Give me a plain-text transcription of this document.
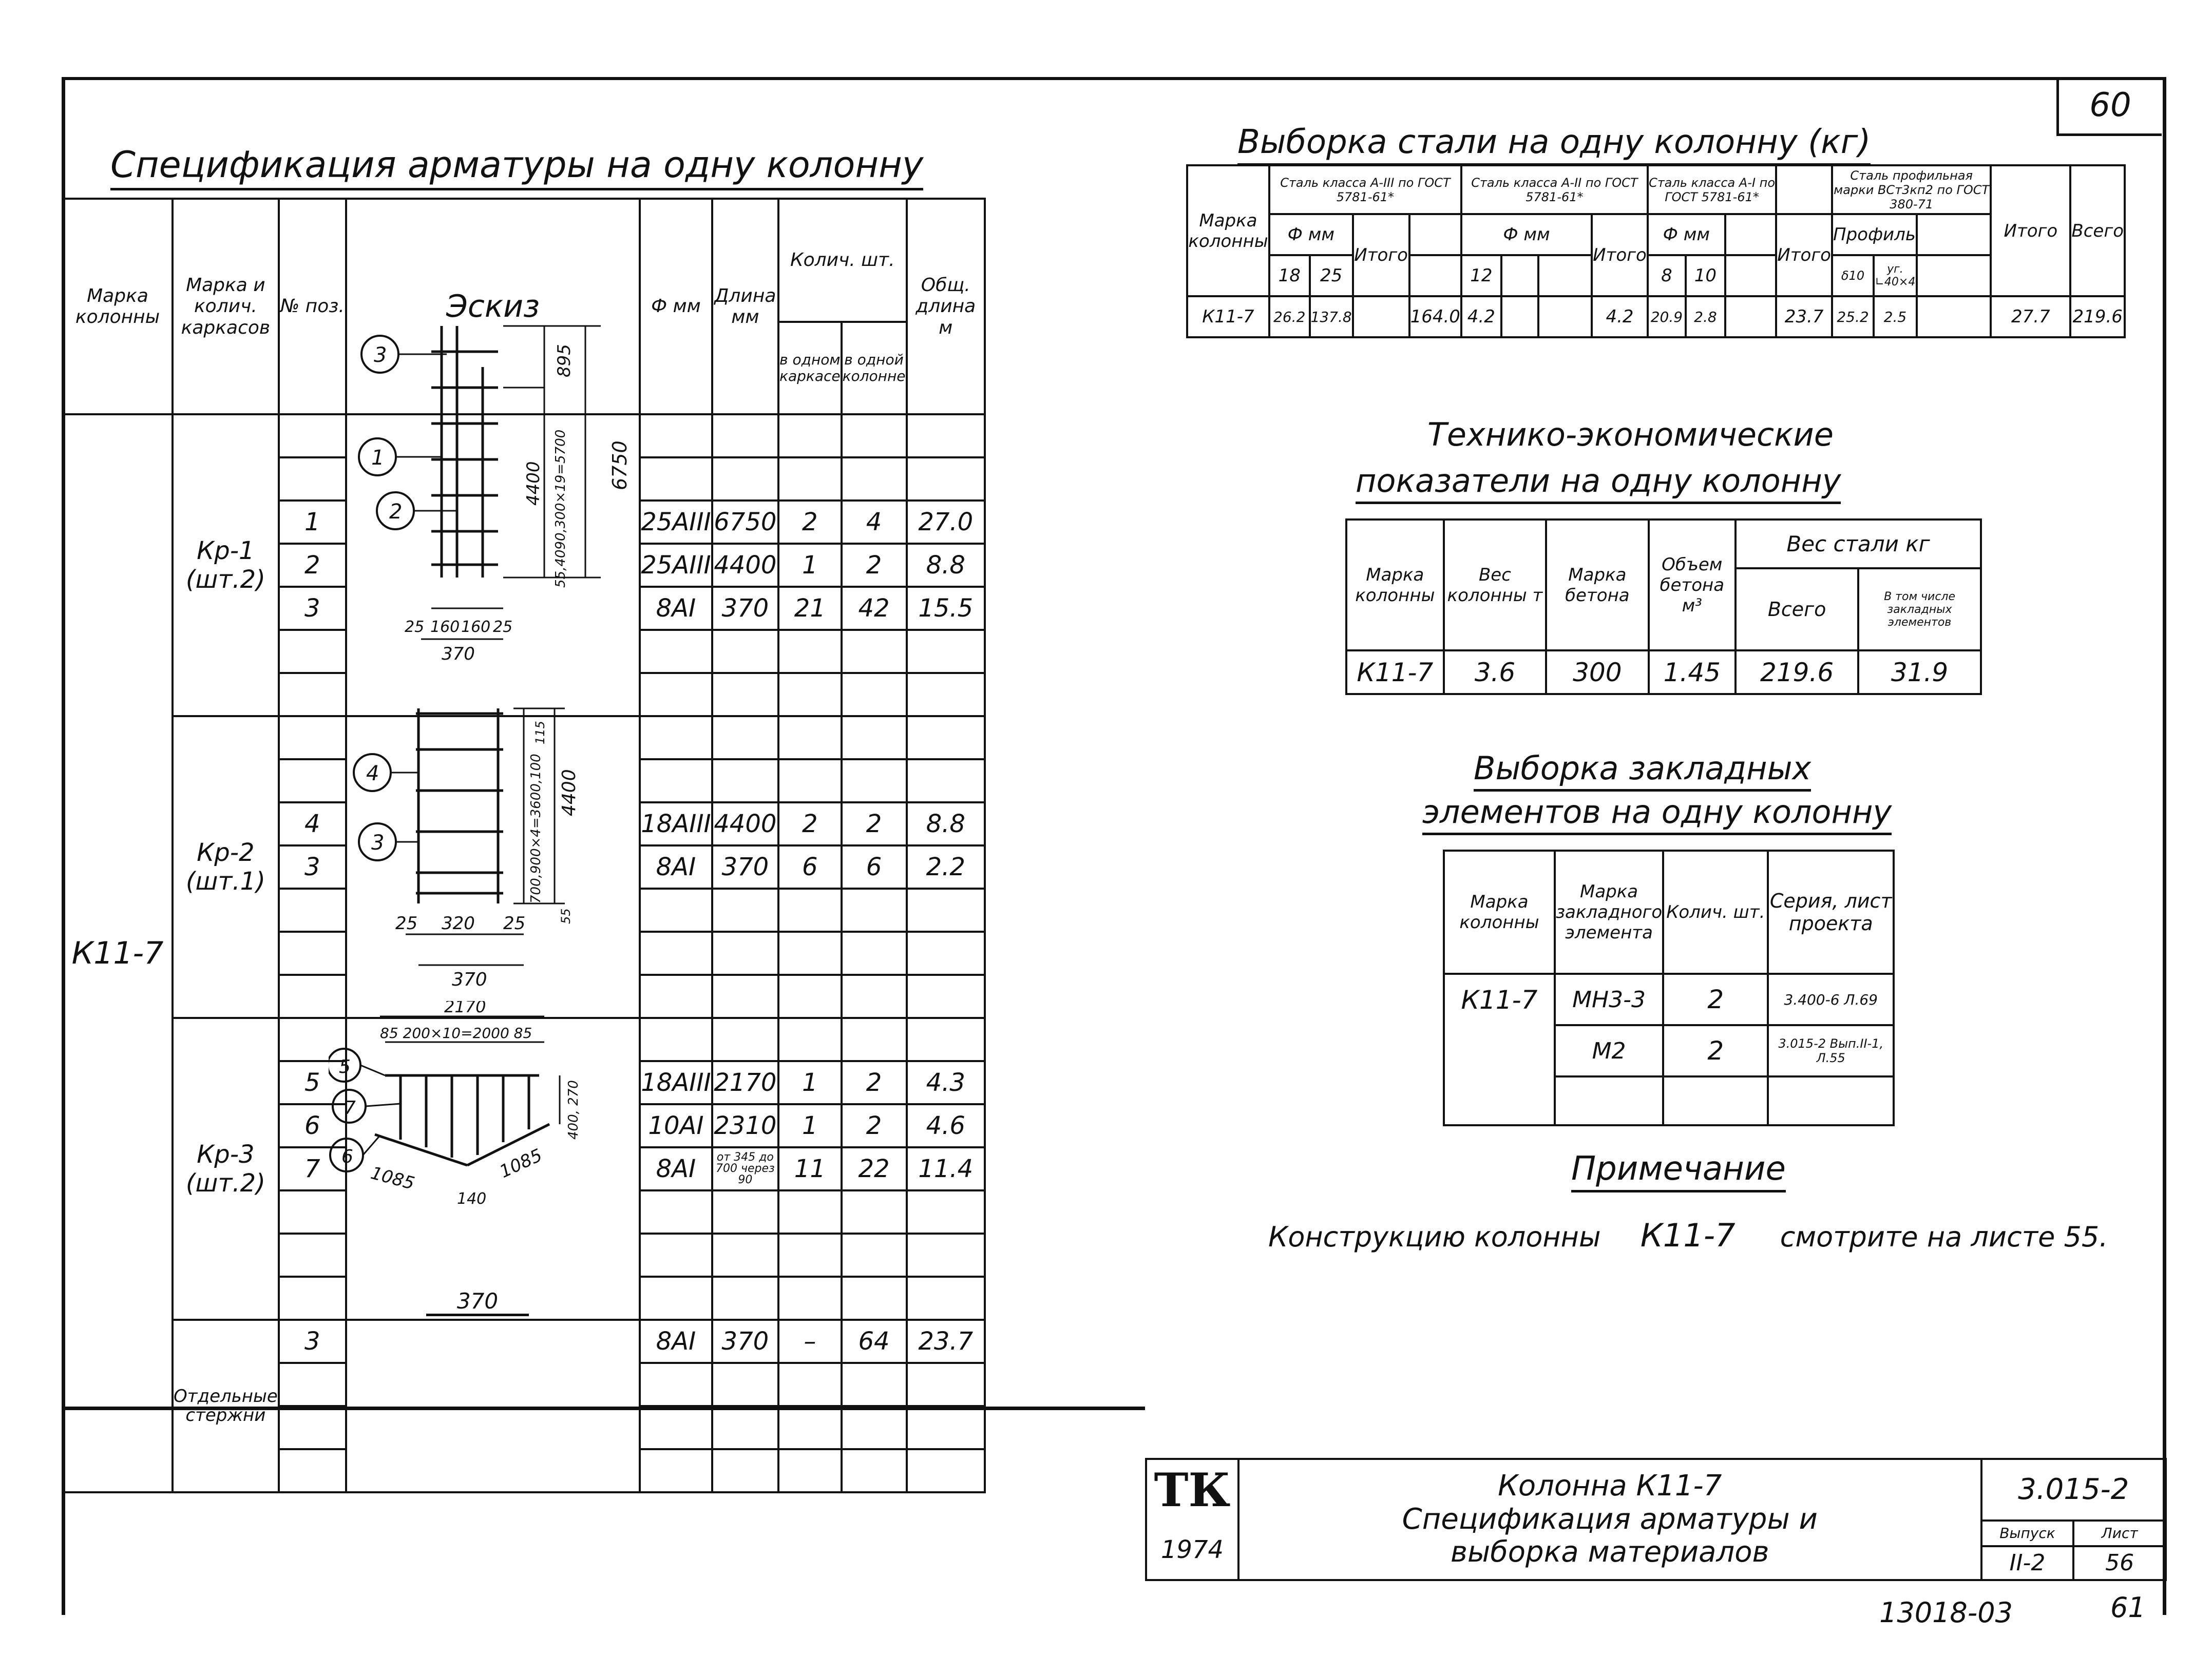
60
Спецификация арматуры на одну колонну
Марка колонны	Марка и колич. каркасов	№ поз.	Эскиз	Ф мм	Длина мм	Колич. шт.		Общ. длина м
						в одном каркасе	в одной колонне	
К11-7	Кр-1
(шт.2)							

		1		25АIII	6750	2	4	27.0
		2		25АIII	4400	1	2	8.8
		3		8АI	370	21	42	15.5

	Кр-2
(шт.1)							

		4		18АIII	4400	2	2	8.8
		3		8АI	370	6	6	2.2

	Кр-3
(шт.2)							
		5		18АIII	2170	1	2	4.3
		6		10АI	2310	1	2	4.6
		7		8АI	от 345 до 700 через 90	11	22	11.4

	Отдельные стержни	3		8АI	370	–	64	23.7

3
1
2
895
4400 55,4090,300×19=5700 6750
25 160 160 25
370
4
3
115
700,900×4=3600,100 4400
55
25 320 25
370
5
7
6
2170
85 200×10=2000 85
400, 270
1085
140
1085
370
Выборка стали на одну колонну (кг)
Марка колонны	Сталь класса А-III по ГОСТ 5781-61*				Сталь класса А-II по ГОСТ 5781-61*				Сталь класса А-I по ГОСТ 5781-61*				Сталь профильная марки ВСт3кп2 по ГОСТ 380-71			Итого	Всего
	Ф мм		Итого		Ф мм			Итого	Ф мм			Итого	Профиль				
	18	25			12				8	10			δ10	уг. ∟40×4			
К11-7	26.2	137.8		164.0	4.2			4.2	20.9	2.8		23.7	25.2	2.5		27.7	219.6
Технико-экономические
показатели на одну колонну
Марка колонны	Вес колонны т	Марка бетона	Объем бетона м³	Вес стали кг	
				Всего	В том числе закладных элементов
К11-7	3.6	300	1.45	219.6	31.9
Выборка закладных
элементов на одну колонну
Марка колонны	Марка закладного элемента	Колич. шт.	Серия, лист проекта
К11-7	МН3-3	2	3.400-6 Л.69
	М2	2	3.015-2 Вып.II-1, Л.55

Примечание
Конструкцию колонны К11-7 смотрите на листе 55.
ТК	Колонна К11-7
Спецификация арматуры и
выборка материалов	3.015-2	
1974		Выпуск	Лист
		II-2	56
13018-03	61
